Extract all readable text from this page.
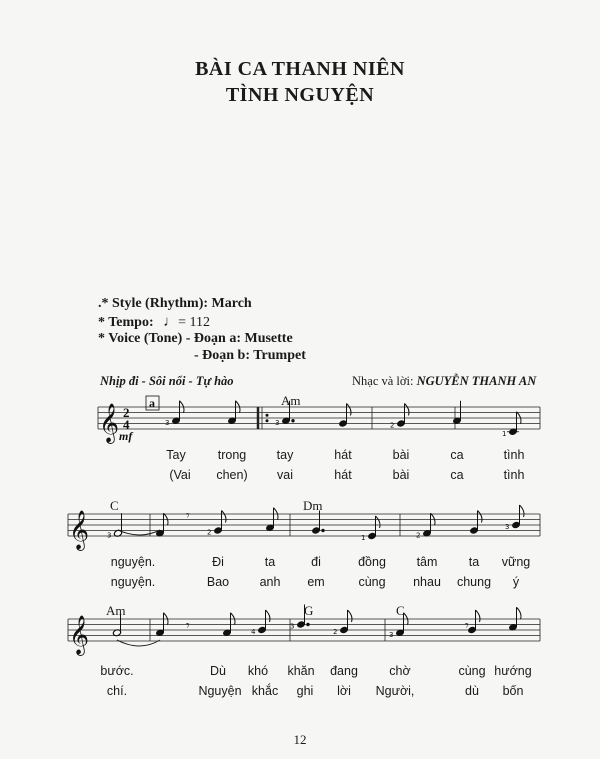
BÀI CA THANH NIÊN
TÌNH NGUYỆN
.* Style (Rhythm): March
* Tempo: ♩= 112
* Voice (Tone) - Đoạn a: Musette
- Đoạn b: Trumpet
Nhịp đi - Sôi nổi - Tự hào	Nhạc và lời: NGUYỄN THANH AN
𝄞
𝄞
𝄞
2
4
mf
a
3	3	2
1
3	2
1	2
3
4
3
2	3
𝄾
𝄾	𝄾
Am
C	Dm
Am	G	C
Tay	trong tay	hát	bài	ca	tình
(Vai chen) vai	hát	bài	ca	tình
nguyện.	Đi	ta	đi	đồng tâm	ta vững
nguyện.	Bao anh em	cùng nhau chung ý
bước.	Dù khó khăn đang	chờ	cùng hướng
chí.	Nguyện khắc ghi lời Người,	dù bốn
12
